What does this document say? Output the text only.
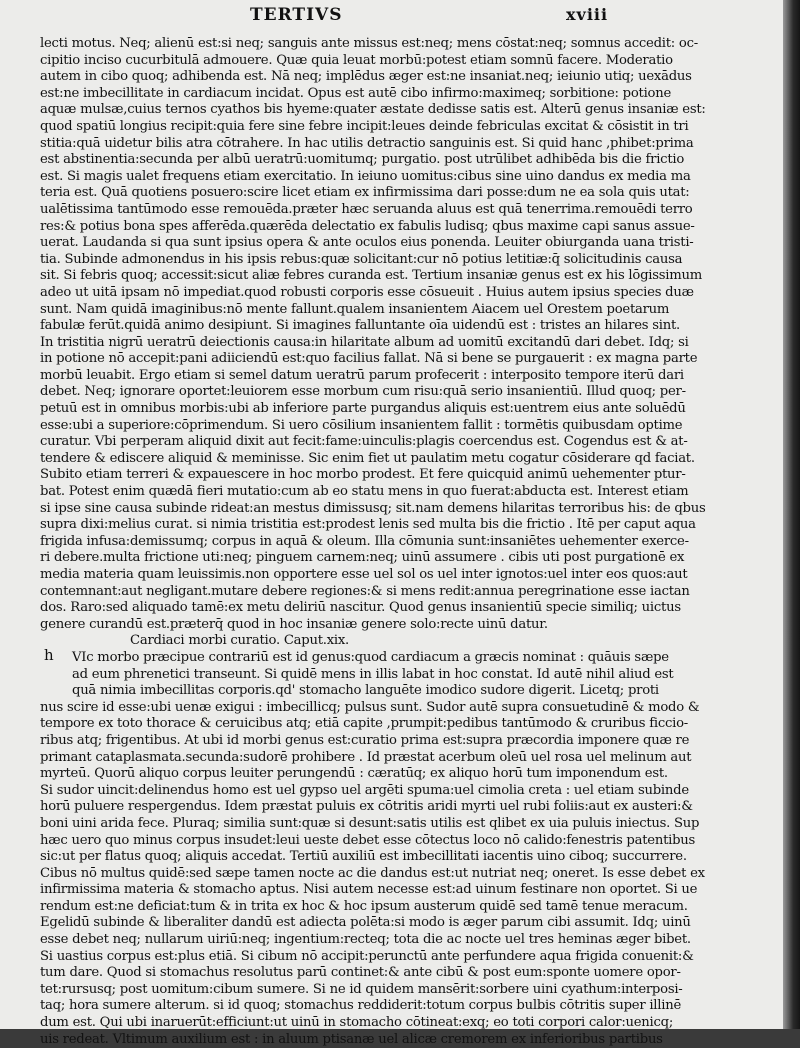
TERTIVS	xviii
h
lecti motus. Neq; alienū est:si neq; sanguis ante missus est:neq; mens cōstat:neq; somnus accedit: oc-
cipitio inciso cucurbitulā admouere. Quæ quia leuat morbū:potest etiam somnū facere. Moderatio
autem in cibo quoq; adhibenda est. Nā neq; implēdus æger est:ne insaniat.neq; ieiunio utiq; uexādus
est:ne imbecillitate in cardiacum incidat. Opus est autē cibo infirmo:maximeq; sorbitione: potione
aquæ mulsæ,cuius ternos cyathos bis hyeme:quater æstate dedisse satis est. Alterū genus insaniæ est:
quod spatiū longius recipit:quia fere sine febre incipit:leues deinde febriculas excitat & cōsistit in tri
stitia:quā uidetur bilis atra cōtrahere. In hac utilis detractio sanguinis est. Si quid hanc ,phibet:prima
est abstinentia:secunda per albū ueratrū:uomitumq; purgatio. post utrūlibet adhibēda bis die frictio
est. Si magis ualet frequens etiam exercitatio. In ieiuno uomitus:cibus sine uino dandus ex media ma
teria est. Quā quotiens posuero:scire licet etiam ex infirmissima dari posse:dum ne ea sola quis utat:
ualētissima tantūmodo esse remouēda.præter hæc seruanda aluus est quā tenerrima.remouēdi terro
res:& potius bona spes afferēda.quærēda delectatio ex fabulis ludisq; qbus maxime capi sanus assue-
uerat. Laudanda si qua sunt ipsius opera & ante oculos eius ponenda. Leuiter obiurganda uana tristi-
tia. Subinde admonendus in his ipsis rebus:quæ solicitant:cur nō potius letitiæ:q̄ solicitudinis causa
sit. Si febris quoq; accessit:sicut aliæ febres curanda est. Tertium insaniæ genus est ex his lōgissimum
adeo ut uitā ipsam nō impediat.quod robusti corporis esse cōsueuit . Huius autem ipsius species duæ
sunt. Nam quidā imaginibus:nō mente fallunt.qualem insanientem Aiacem uel Orestem poetarum
fabulæ ferūt.quidā animo desipiunt. Si imagines falluntante oīa uidendū est : tristes an hilares sint.
In tristitia nigrū ueratrū deiectionis causa:in hilaritate album ad uomitū excitandū dari debet. Idq; si
in potione nō accepit:pani adiiciendū est:quo facilius fallat. Nā si bene se purgauerit : ex magna parte
morbū leuabit. Ergo etiam si semel datum ueratrū parum profecerit : interposito tempore iterū dari
debet. Neq; ignorare oportet:leuiorem esse morbum cum risu:quā serio insanientiū. Illud quoq; per-
petuū est in omnibus morbis:ubi ab inferiore parte purgandus aliquis est:uentrem eius ante soluēdū
esse:ubi a superiore:cōprimendum. Si uero cōsilium insanientem fallit : tormētis quibusdam optime
curatur. Vbi perperam aliquid dixit aut fecit:fame:uinculis:plagis coercendus est. Cogendus est & at-
tendere & ediscere aliquid & meminisse. Sic enim fiet ut paulatim metu cogatur cōsiderare qd faciat.
Subito etiam terreri & expauescere in hoc morbo prodest. Et fere quicquid animū uehementer ptur-
bat. Potest enim quædā fieri mutatio:cum ab eo statu mens in quo fuerat:abducta est. Interest etiam
si ipse sine causa subinde rideat:an mestus dimissusq; sit.nam demens hilaritas terroribus his: de qbus
supra dixi:melius curat. si nimia tristitia est:prodest lenis sed multa bis die frictio . Itē per caput aqua
frigida infusa:demissumq; corpus in aquā & oleum. Illa cōmunia sunt:insaniētes uehementer exerce-
ri debere.multa frictione uti:neq; pinguem carnem:neq; uinū assumere . cibis uti post purgationē ex
media materia quam leuissimis.non opportere esse uel sol os uel inter ignotos:uel inter eos quos:aut
contemnant:aut negligant.mutare debere regiones:& si mens redit:annua peregrinatione esse iactan
dos. Raro:sed aliquado tamē:ex metu deliriū nascitur. Quod genus insanientiū specie similiq; uictus
genere curandū est.præterq̄ quod in hoc insaniæ genere solo:recte uinū datur.
Cardiaci morbi curatio. Caput.xix.
VIc morbo præcipue contrariū est id genus:quod cardiacum a græcis nominat : quāuis sæpe
ad eum phrenetici transeunt. Si quidē mens in illis labat in hoc constat. Id autē nihil aliud est
quā nimia imbecillitas corporis.qd' stomacho languēte imodico sudore digerit. Licetq; proti
nus scire id esse:ubi uenæ exigui : imbecillicq; pulsus sunt. Sudor autē supra consuetudinē & modo &
tempore ex toto thorace & ceruicibus atq; etiā capite ,prumpit:pedibus tantūmodo & cruribus ficcio-
ribus atq; frigentibus. At ubi id morbi genus est:curatio prima est:supra præcordia imponere quæ re
primant cataplasmata.secunda:sudorē prohibere . Id præstat acerbum oleū uel rosa uel melinum aut
myrteū. Quorū aliquo corpus leuiter perungendū : cæratūq; ex aliquo horū tum imponendum est.
Si sudor uincit:delinendus homo est uel gypso uel argēti spuma:uel cimolia creta : uel etiam subinde
horū puluere respergendus. Idem præstat puluis ex cōtritis aridi myrti uel rubi foliis:aut ex austeri:&
boni uini arida fece. Pluraq; similia sunt:quæ si desunt:satis utilis est qlibet ex uia puluis iniectus. Sup
hæc uero quo minus corpus insudet:leui ueste debet esse cōtectus loco nō calido:fenestris patentibus
sic:ut per flatus quoq; aliquis accedat. Tertiū auxiliū est imbecillitati iacentis uino ciboq; succurrere.
Cibus nō multus quidē:sed sæpe tamen nocte ac die dandus est:ut nutriat neq; oneret. Is esse debet ex
infirmissima materia & stomacho aptus. Nisi autem necesse est:ad uinum festinare non oportet. Si ue
rendum est:ne deficiat:tum & in trita ex hoc & hoc ipsum austerum quidē sed tamē tenue meracum.
Egelidū subinde & liberaliter dandū est adiecta polēta:si modo is æger parum cibi assumit. Idq; uinū
esse debet neq; nullarum uiriū:neq; ingentium:recteq; tota die ac nocte uel tres heminas æger bibet.
Si uastius corpus est:plus etiā. Si cibum nō accipit:perunctū ante perfundere aqua frigida conuenit:&
tum dare. Quod si stomachus resolutus parū continet:& ante cibū & post eum:sponte uomere opor-
tet:rursusq; post uomitum:cibum sumere. Si ne id quidem mansērit:sorbere uini cyathum:interposi-
taq; hora sumere alterum. si id quoq; stomachus reddiderit:totum corpus bulbis cōtritis super illinē
dum est. Qui ubi inaruerūt:efficiunt:ut uinū in stomacho cōtineat:exq; eo toti corpori calor:uenicq;
uis redeat. Vltimum auxilium est : in aluum ptisanæ uel alicæ cremorem ex inferioribus partibus
